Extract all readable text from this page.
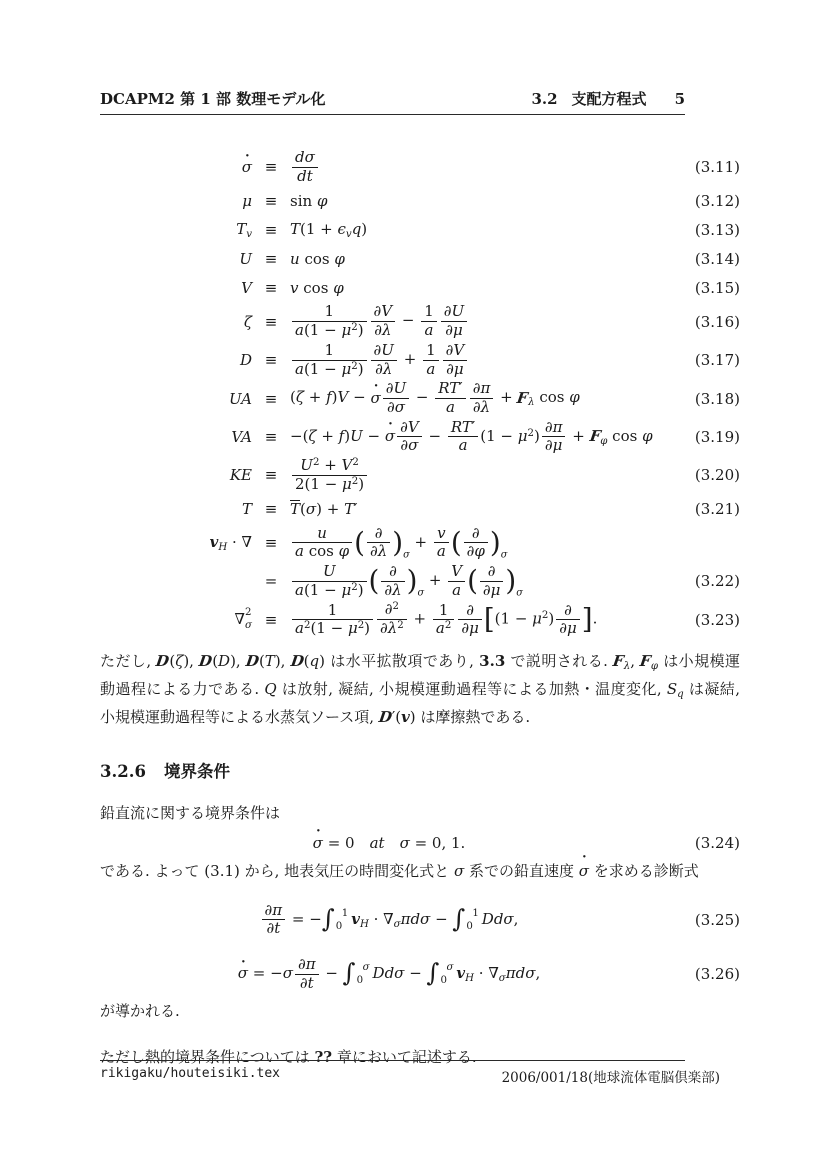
DCAPM2 第 1 部 数理モデル化	3.2 支配方程式 5
σ · ≡ $\frac{d\sigma}{dt}$	(3.11)
μ ≡ sin φ	(3.12)
Tv ≡ T(1 + ϵvq)	(3.13)
U ≡ u cos φ	(3.14)
V ≡ v cos φ	(3.15)
$\zeta \equiv \frac{1}{a(1 - \mu^2)} \frac{\partial V}{\partial\lambda} - \frac{1}{a} \frac{\partial U}{\partial\mu}$	(3.16)
$D \equiv \frac{1}{a(1 - \mu^2)} \frac{\partial U}{\partial\lambda} + \frac{1}{a} \frac{\partial V}{\partial\mu}$	(3.17)
UA ≡ $(\zeta + f)V - \sigma \cdot \frac{\partial U}{\partial\sigma} - \frac{RT'}{a} \frac{\partial\pi}{\partial\lambda} + F\lambda$ cos φ	(3.18)
VA ≡ $-(\zeta + f)U - \sigma \cdot \frac{\partial V}{\partial\sigma} - \frac{RT'}{a} (1 - \mu^2) \frac{\partial\pi}{\partial\mu} + F\varphi$ cos φ	(3.19)
KE ≡ $\frac{U^2 + V^2}{2(1 - \mu^2)}$	(3.20)
T ≡ T(σ) + T′	(3.21)
vH · ∇ ≡ $\frac{u}{\text{a cos φ}}$ ( $\frac{\partial}{\partial\lambda} )_\sigma + \frac{v}{a}$ ( $\frac{\partial}{\partial\varphi} )_\sigma$
= $\frac{U}{a(1 - \mu^2)}$ ( $\frac{\partial}{\partial\lambda} )_\sigma + \frac{V}{a}$ ( $\frac{\partial}{\partial\mu} )_\sigma$
(3.22)
∇ 2
$\sigma \equiv \frac{1}{a^2(1 - \mu^2)} \frac{\partial^2}{\partial\lambda^2} + \frac{1}{a^2} \frac{\partial}{\partial\mu} [(1 - \mu^2) \frac{\partial}{\partial\mu}$ ].	(3.23)

ただし, D(ζ), D(D), D(T), D(q) は水平拡散項であり, 3.3 で説明される. Fλ, Fφ は小規模運動過程による力である. Q は放射, 凝結, 小規模運動過程等による加熱・温度変化, Sq は凝結, 小規模運動過程等による水蒸気ソース項, D′(v) は摩擦熱である.

3.2.6 境界条件

鉛直流に関する境界条件は

σ · = 0 at  σ = 0, 1.	(3.24)

である. よって (3.1) から, 地表気圧の時間変化式と σ 系での鉛直速度 σ · を求める診断式

$\frac{\partial\pi}{\partial t}$ = −∫ 1
0 vH · ∇σπdσ − ∫ 1
0 Ddσ,	(3.25)
σ · = $-\sigma \frac{\partial\pi}{\partial t}$ − ∫ σ
0 Ddσ − ∫ σ
0 vH · ∇σπdσ,	(3.26)

が導かれる.

ただし熱的境界条件については ?? 章において記述する.

rikigaku/houteisiki.tex	2006/001/18(地球流体電脳倶楽部)
